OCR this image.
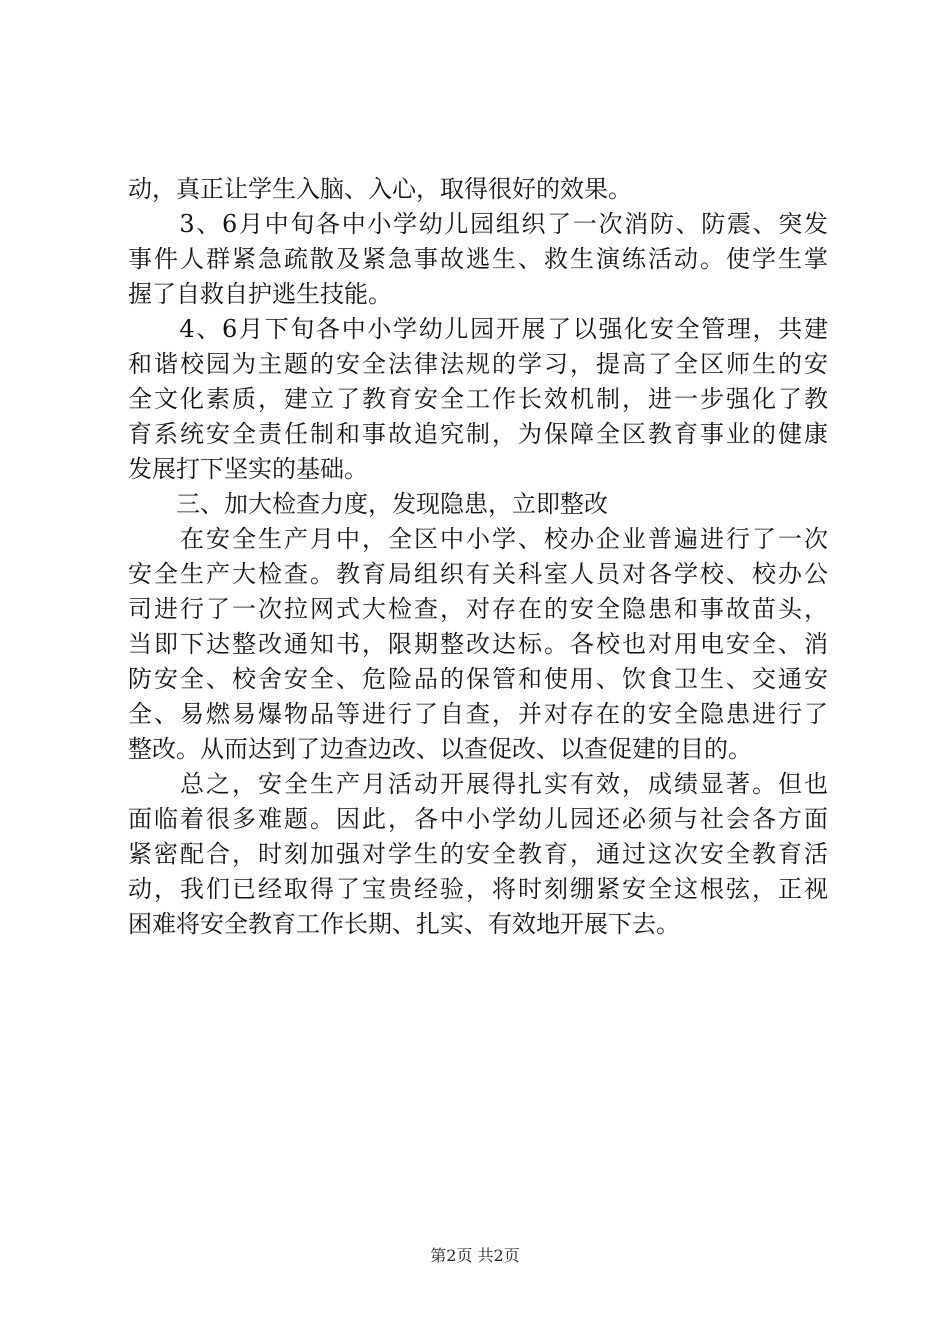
动，真正让学生入脑、入心，取得很好的效果。
　　3、6月中旬各中小学幼儿园组织了一次消防、防震、突发
事件人群紧急疏散及紧急事故逃生、救生演练活动。使学生掌
握了自救自护逃生技能。
　　4、6月下旬各中小学幼儿园开展了以强化安全管理，共建
和谐校园为主题的安全法律法规的学习，提高了全区师生的安
全文化素质，建立了教育安全工作长效机制，进一步强化了教
育系统安全责任制和事故追究制，为保障全区教育事业的健康
发展打下坚实的基础。
　　三、加大检查力度，发现隐患，立即整改
　　在安全生产月中，全区中小学、校办企业普遍进行了一次
安全生产大检查。教育局组织有关科室人员对各学校、校办公
司进行了一次拉网式大检查，对存在的安全隐患和事故苗头，
当即下达整改通知书，限期整改达标。各校也对用电安全、消
防安全、校舍安全、危险品的保管和使用、饮食卫生、交通安
全、易燃易爆物品等进行了自查，并对存在的安全隐患进行了
整改。从而达到了边查边改、以查促改、以查促建的目的。
　　总之，安全生产月活动开展得扎实有效，成绩显著。但也
面临着很多难题。因此，各中小学幼儿园还必须与社会各方面
紧密配合，时刻加强对学生的安全教育，通过这次安全教育活
动，我们已经取得了宝贵经验，将时刻绷紧安全这根弦，正视
困难将安全教育工作长期、扎实、有效地开展下去。
第2页 共2页
